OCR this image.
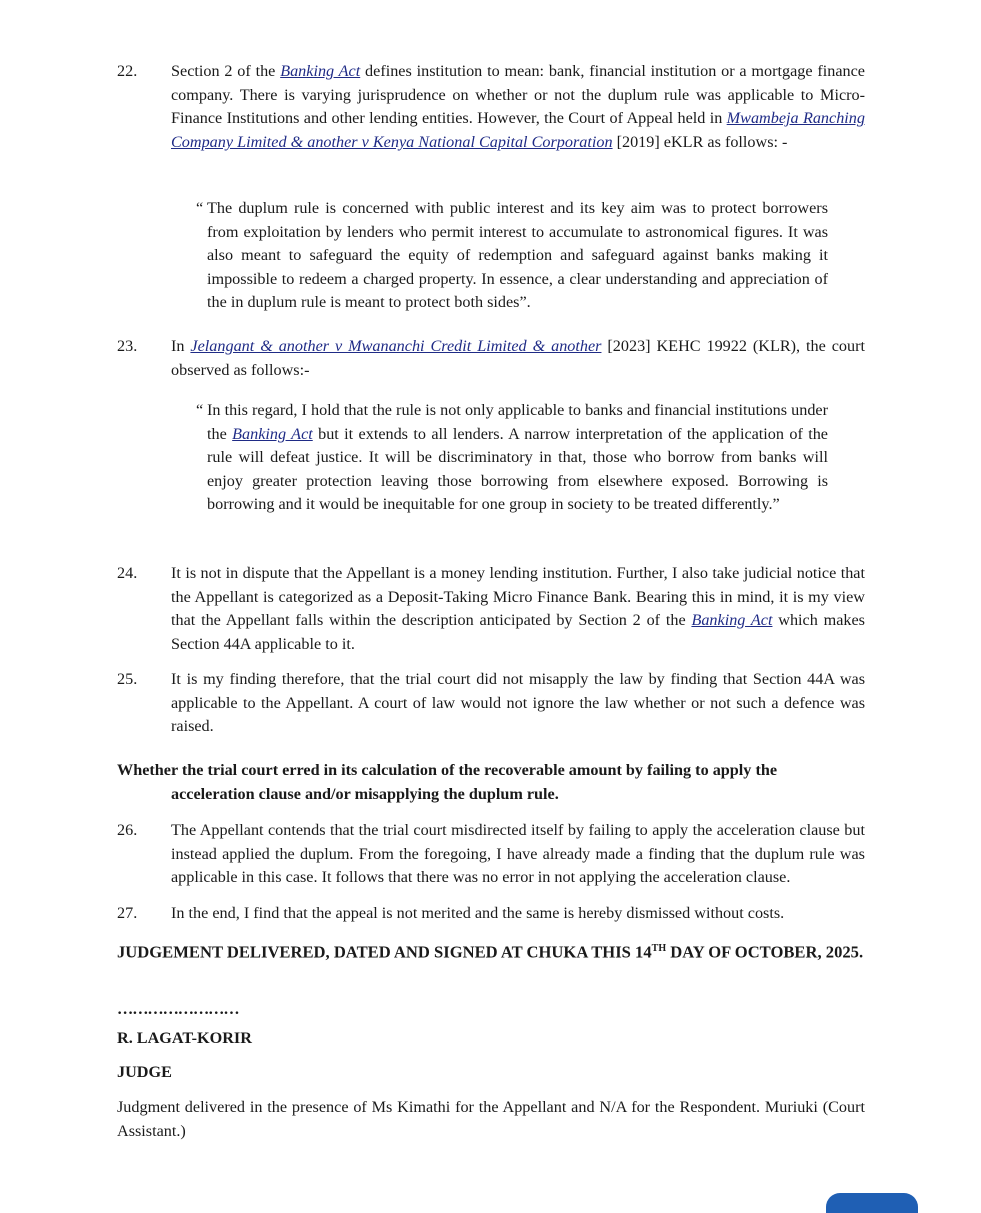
22. Section 2 of the Banking Act defines institution to mean: bank, financial institution or a mortgage finance company. There is varying jurisprudence on whether or not the duplum rule was applicable to Micro-Finance Institutions and other lending entities. However, the Court of Appeal held in Mwambeja Ranching Company Limited & another v Kenya National Capital Corporation [2019] eKLR as follows: -
“ The duplum rule is concerned with public interest and its key aim was to protect borrowers from exploitation by lenders who permit interest to accumulate to astronomical figures. It was also meant to safeguard the equity of redemption and safeguard against banks making it impossible to redeem a charged property. In essence, a clear understanding and appreciation of the in duplum rule is meant to protect both sides”.
23. In Jelangant & another v Mwananchi Credit Limited & another [2023] KEHC 19922 (KLR), the court observed as follows:-
“ In this regard, I hold that the rule is not only applicable to banks and financial institutions under the Banking Act but it extends to all lenders. A narrow interpretation of the application of the rule will defeat justice. It will be discriminatory in that, those who borrow from banks will enjoy greater protection leaving those borrowing from elsewhere exposed. Borrowing is borrowing and it would be inequitable for one group in society to be treated differently.”
24. It is not in dispute that the Appellant is a money lending institution. Further, I also take judicial notice that the Appellant is categorized as a Deposit-Taking Micro Finance Bank. Bearing this in mind, it is my view that the Appellant falls within the description anticipated by Section 2 of the Banking Act which makes Section 44A applicable to it.
25. It is my finding therefore, that the trial court did not misapply the law by finding that Section 44A was applicable to the Appellant. A court of law would not ignore the law whether or not such a defence was raised.
Whether the trial court erred in its calculation of the recoverable amount by failing to apply the
acceleration clause and/or misapplying the duplum rule.
26. The Appellant contends that the trial court misdirected itself by failing to apply the acceleration clause but instead applied the duplum. From the foregoing, I have already made a finding that the duplum rule was applicable in this case. It follows that there was no error in not applying the acceleration clause.
27. In the end, I find that the appeal is not merited and the same is hereby dismissed without costs.
JUDGEMENT DELIVERED, DATED AND SIGNED AT CHUKA THIS 14TH DAY OF OCTOBER, 2025.
……………………
R. LAGAT-KORIR
JUDGE
Judgment delivered in the presence of Ms Kimathi for the Appellant and N/A for the Respondent. Muriuki (Court Assistant.)
